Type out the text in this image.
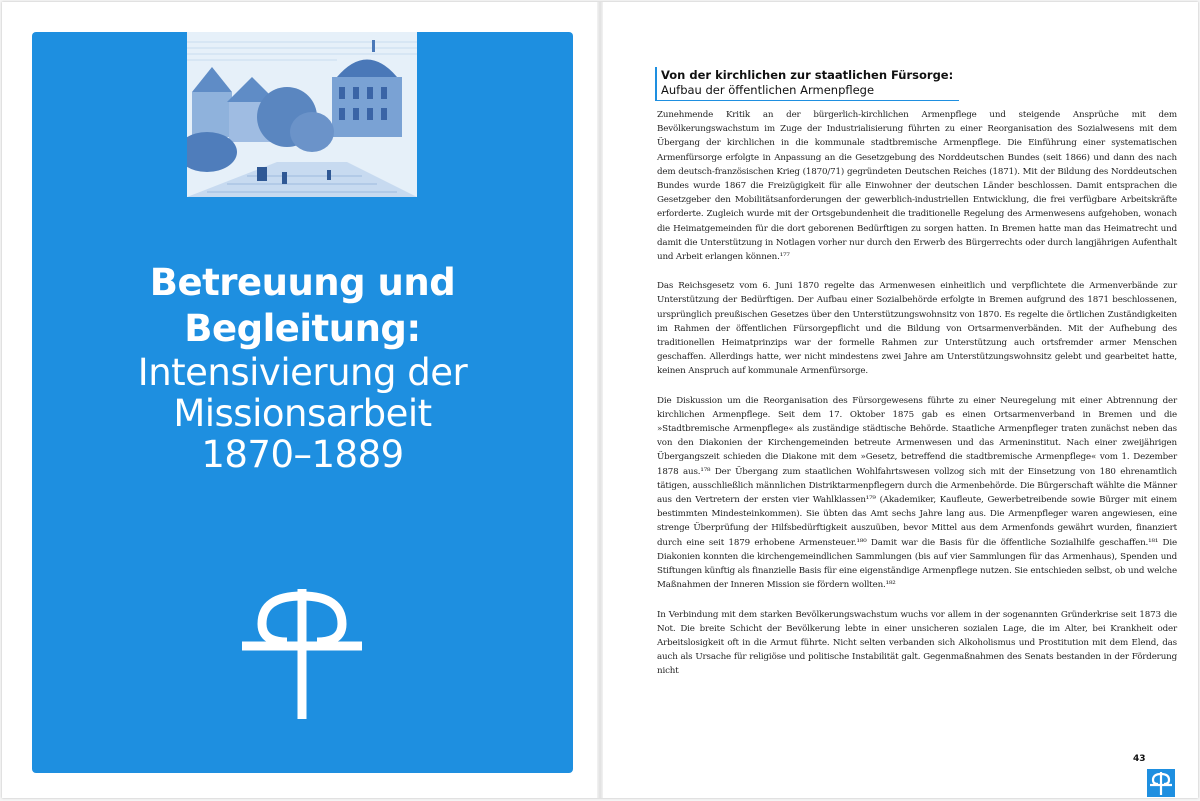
Betreuung und Begleitung:
Intensivierung der
Missionsarbeit
1870–1889
Von der kirchlichen zur staatlichen Fürsorge:
Aufbau der öffentlichen Armenpflege

Zunehmende Kritik an der bürgerlich-kirchlichen Armenpflege und steigende Ansprüche mit dem Bevölkerungswachstum im Zuge der Industrialisierung führten zu einer Reorganisation des Sozialwesens mit dem Übergang der kirchlichen in die kommunale stadtbremische Armenpflege. Die Einführung einer systematischen Armenfürsorge erfolgte in Anpassung an die Gesetzgebung des Norddeutschen Bundes (seit 1866) und dann des nach dem deutsch-französischen Krieg (1870/71) gegründeten Deutschen Reiches (1871). Mit der Bildung des Norddeutschen Bundes wurde 1867 die Freizügigkeit für alle Einwohner der deutschen Länder beschlossen. Damit entsprachen die Gesetzgeber den Mobilitätsanforderungen der gewerblich-industriellen Entwicklung, die frei verfügbare Arbeitskräfte erforderte. Zugleich wurde mit der Ortsgebundenheit die traditionelle Regelung des Armenwesens aufgehoben, wonach die Heimatgemeinden für die dort geborenen Bedürftigen zu sorgen hatten. In Bremen hatte man das Heimatrecht und damit die Unterstützung in Notlagen vorher nur durch den Erwerb des Bürgerrechts oder durch langjährigen Aufenthalt und Arbeit erlangen können.¹⁷⁷

Das Reichsgesetz vom 6. Juni 1870 regelte das Armenwesen einheitlich und verpflichtete die Armenverbände zur Unterstützung der Bedürftigen. Der Aufbau einer Sozialbehörde erfolgte in Bremen aufgrund des 1871 beschlossenen, ursprünglich preußischen Gesetzes über den Unterstützungswohnsitz von 1870. Es regelte die örtlichen Zuständigkeiten im Rahmen der öffentlichen Fürsorgepflicht und die Bildung von Ortsarmenverbänden. Mit der Aufhebung des traditionellen Heimatprinzips war der formelle Rahmen zur Unterstützung auch ortsfremder armer Menschen geschaffen. Allerdings hatte, wer nicht mindestens zwei Jahre am Unterstützungswohnsitz gelebt und gearbeitet hatte, keinen Anspruch auf kommunale Armenfürsorge.

Die Diskussion um die Reorganisation des Fürsorgewesens führte zu einer Neuregelung mit einer Abtrennung der kirchlichen Armenpflege. Seit dem 17. Oktober 1875 gab es einen Ortsarmenverband in Bremen und die »Stadtbremische Armenpflege« als zuständige städtische Behörde. Staatliche Armenpfleger traten zunächst neben das von den Diakonien der Kirchengemeinden betreute Armenwesen und das Armeninstitut. Nach einer zweijährigen Übergangszeit schieden die Diakone mit dem »Gesetz, betreffend die stadtbremische Armenpflege« vom 1. Dezember 1878 aus.¹⁷⁸ Der Übergang zum staatlichen Wohlfahrtswesen vollzog sich mit der Einsetzung von 180 ehrenamtlich tätigen, ausschließlich männlichen Distriktarmenpflegern durch die Armenbehörde. Die Bürgerschaft wählte die Männer aus den Vertretern der ersten vier Wahlklassen¹⁷⁹ (Akademiker, Kaufleute, Gewerbetreibende sowie Bürger mit einem bestimmten Mindesteinkommen). Sie übten das Amt sechs Jahre lang aus. Die Armenpfleger waren angewiesen, eine strenge Überprüfung der Hilfsbedürftigkeit auszuüben, bevor Mittel aus dem Armenfonds gewährt wurden, finanziert durch eine seit 1879 erhobene Armensteuer.¹⁸⁰ Damit war die Basis für die öffentliche Sozialhilfe geschaffen.¹⁸¹ Die Diakonien konnten die kirchengemeindlichen Sammlungen (bis auf vier Sammlungen für das Armenhaus), Spenden und Stiftungen künftig als finanzielle Basis für eine eigenständige Armenpflege nutzen. Sie entschieden selbst, ob und welche Maßnahmen der Inneren Mission sie fördern wollten.¹⁸²

In Verbindung mit dem starken Bevölkerungswachstum wuchs vor allem in der sogenannten Gründerkrise seit 1873 die Not. Die breite Schicht der Bevölkerung lebte in einer unsicheren sozialen Lage, die im Alter, bei Krankheit oder Arbeitslosigkeit oft in die Armut führte. Nicht selten verbanden sich Alkoholismus und Prostitution mit dem Elend, das auch als Ursache für religiöse und politische Instabilität galt. Gegenmaßnahmen des Senats bestanden in der Förderung nicht

43
